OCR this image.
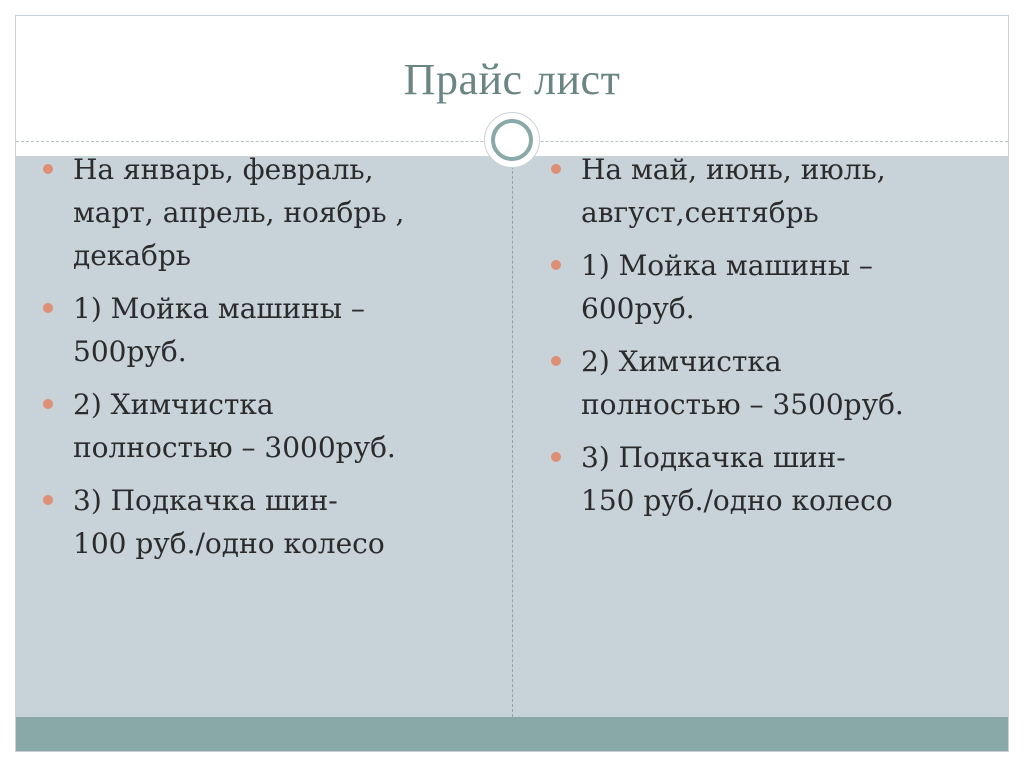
Прайс лист
На январь, февраль,
март, апрель, ноябрь ,
декабрь
1) Мойка машины –
500руб.
2) Химчистка
полностью – 3000руб.
3) Подкачка шин-
100 руб./одно колесо
На май, июнь, июль,
август,сентябрь
1) Мойка машины –
600руб.
2) Химчистка
полностью – 3500руб.
3) Подкачка шин-
150 руб./одно колесо
